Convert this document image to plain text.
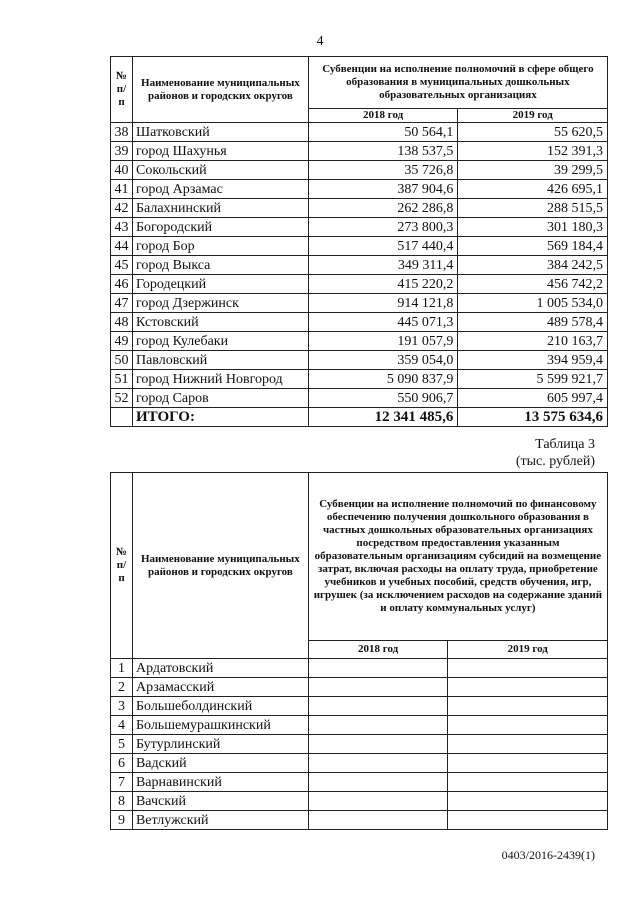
4
№
п/п	Наименование муниципальных районов и городских округов	Субвенции на исполнение полномочий в сфере общего образования в муниципальных дошкольных образовательных организациях	
		2018 год	2019 год
38	Шатковский	50 564,1	55 620,5
39	город Шахунья	138 537,5	152 391,3
40	Сокольский	35 726,8	39 299,5
41	город Арзамас	387 904,6	426 695,1
42	Балахнинский	262 286,8	288 515,5
43	Богородский	273 800,3	301 180,3
44	город Бор	517 440,4	569 184,4
45	город Выкса	349 311,4	384 242,5
46	Городецкий	415 220,2	456 742,2
47	город Дзержинск	914 121,8	1 005 534,0
48	Кстовский	445 071,3	489 578,4
49	город Кулебаки	191 057,9	210 163,7
50	Павловский	359 054,0	394 959,4
51	город Нижний Новгород	5 090 837,9	5 599 921,7
52	город Саров	550 906,7	605 997,4
	ИТОГО:	12 341 485,6	13 575 634,6
Таблица 3
(тыс. рублей)
№
п/п	Наименование муниципальных районов и городских округов	Субвенции на исполнение полномочий по финансовому обеспечению получения дошкольного образования в частных дошкольных образовательных организациях посредством предоставления указанным образовательным организациям субсидий на возмещение затрат, включая расходы на оплату труда, приобретение учебников и учебных пособий, средств обучения, игр, игрушек (за исключением расходов на содержание зданий и оплату коммунальных услуг)	
		2018 год	2019 год
1	Ардатовский		
2	Арзамасский		
3	Большеболдинский		
4	Большемурашкинский		
5	Бутурлинский		
6	Вадский		
7	Варнавинский		
8	Вачский		
9	Ветлужский		
0403/2016-2439(1)
